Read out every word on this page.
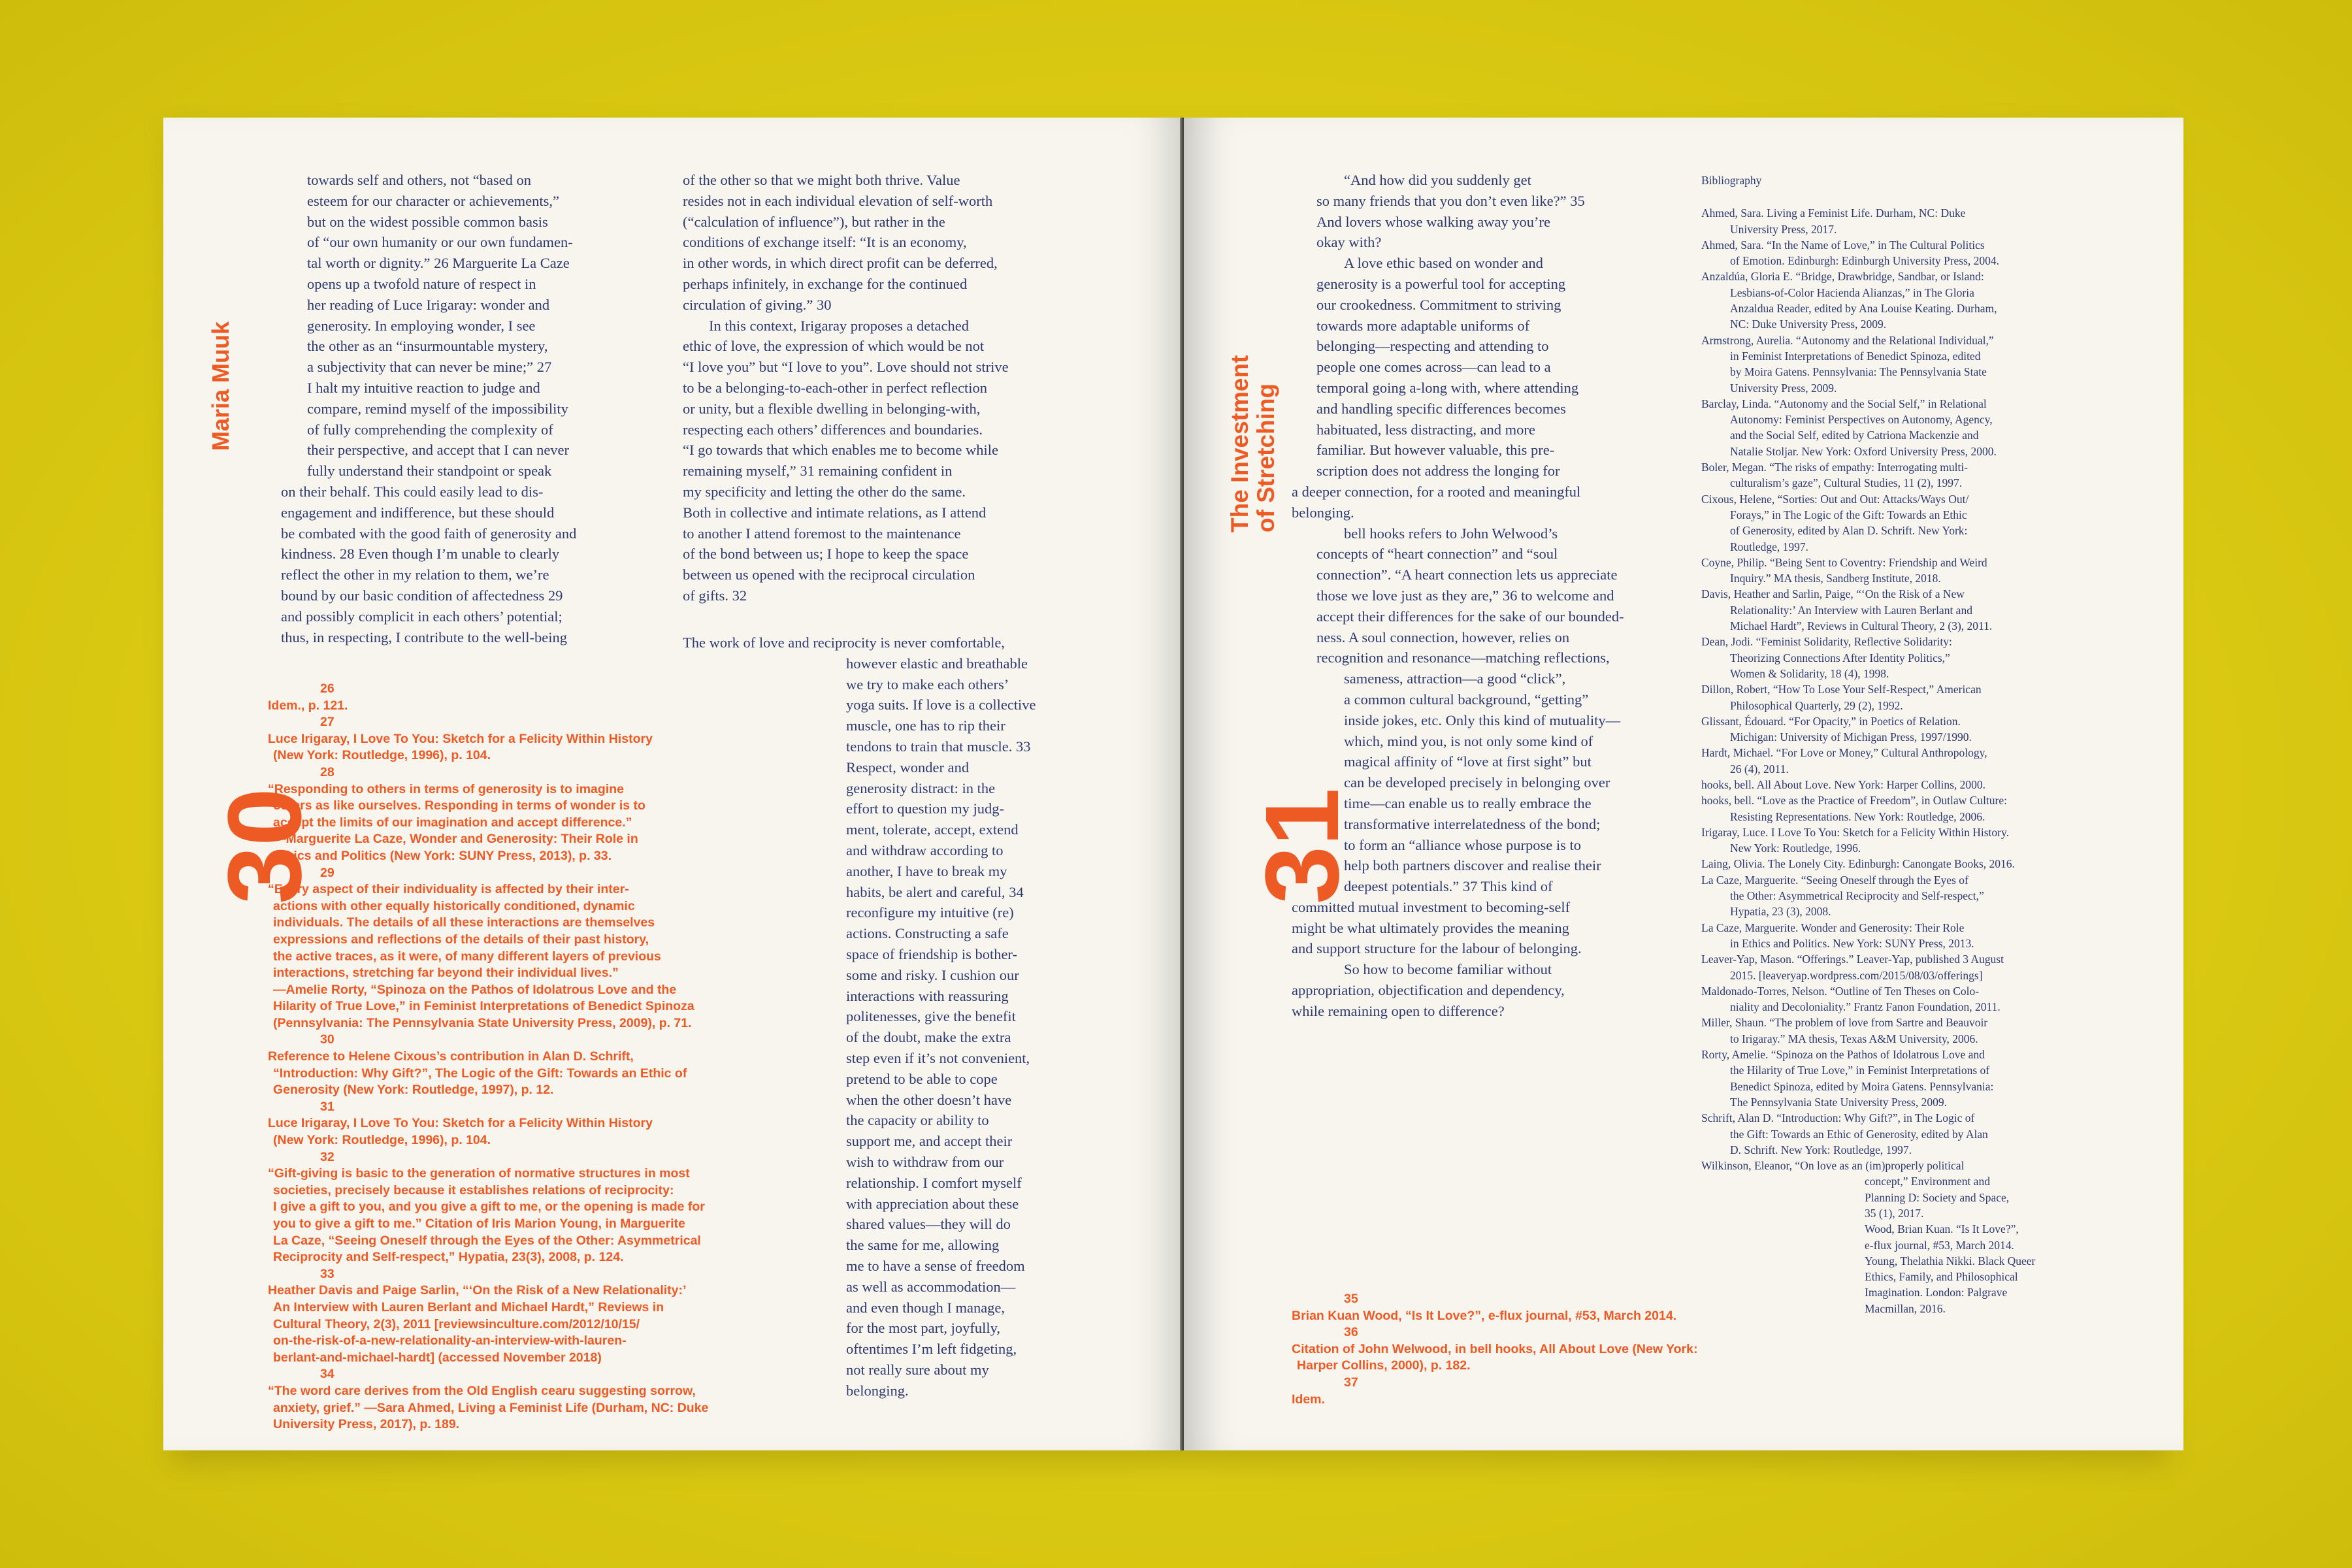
Maria Muuk

towards self and others, not “based on

esteem for our character or achievements,”

but on the widest possible common basis

of “our own humanity or our own fundamen-

tal worth or dignity.” 26 Marguerite La Caze

opens up a twofold nature of respect in

her reading of Luce Irigaray: wonder and

generosity. In employing wonder, I see

the other as an “insurmountable mystery,

a subjectivity that can never be mine;” 27

I halt my intuitive reaction to judge and

compare, remind myself of the impossibility

of fully comprehending the complexity of

their perspective, and accept that I can never

fully understand their standpoint or speak

on their behalf. This could easily lead to dis-

engagement and indifference, but these should

be combated with the good faith of generosity and

kindness. 28 Even though I’m unable to clearly

reflect the other in my relation to them, we’re

bound by our basic condition of affectedness 29

and possibly complicit in each others’ potential;

thus, in respecting, I contribute to the well-being

of the other so that we might both thrive. Value

resides not in each individual elevation of self-worth

(“calculation of influence”), but rather in the

conditions of exchange itself: “It is an economy,

in other words, in which direct profit can be deferred,

perhaps infinitely, in exchange for the continued

circulation of giving.” 30

In this context, Irigaray proposes a detached

ethic of love, the expression of which would be not

“I love you” but “I love to you”. Love should not strive

to be a belonging-to-each-other in perfect reflection

or unity, but a flexible dwelling in belonging-with,

respecting each others’ differences and boundaries.

“I go towards that which enables me to become while

remaining myself,” 31 remaining confident in

my specificity and letting the other do the same.

Both in collective and intimate relations, as I attend

to another I attend foremost to the maintenance

of the bond between us; I hope to keep the space

between us opened with the reciprocal circulation

of gifts. 32

The work of love and reciprocity is never comfortable,

however elastic and breathable

we try to make each others’

yoga suits. If love is a collective

muscle, one has to rip their

tendons to train that muscle. 33

Respect, wonder and

generosity distract: in the

effort to question my judg-

ment, tolerate, accept, extend

and withdraw according to

another, I have to break my

habits, be alert and careful, 34

reconfigure my intuitive (re)

actions. Constructing a safe

space of friendship is bother-

some and risky. I cushion our

interactions with reassuring

politenesses, give the benefit

of the doubt, make the extra

step even if it’s not convenient,

pretend to be able to cope

when the other doesn’t have

the capacity or ability to

support me, and accept their

wish to withdraw from our

relationship. I comfort myself

with appreciation about these

shared values—they will do

the same for me, allowing

me to have a sense of freedom

as well as accommodation—

and even though I manage,

for the most part, joyfully,

oftentimes I’m left fidgeting,

not really sure about my

belonging.

30
26
Idem., p. 121.
27
Luce Irigaray, I Love To You: Sketch for a Felicity Within History
(New York: Routledge, 1996), p. 104.
28
“Responding to others in terms of generosity is to imagine
others as like ourselves. Responding in terms of wonder is to
accept the limits of our imagination and accept difference.”
—Marguerite La Caze, Wonder and Generosity: Their Role in
Ethics and Politics (New York: SUNY Press, 2013), p. 33.
29
“Every aspect of their individuality is affected by their inter-
actions with other equally historically conditioned, dynamic
individuals. The details of all these interactions are themselves
expressions and reflections of the details of their past history,
the active traces, as it were, of many different layers of previous
interactions, stretching far beyond their individual lives.”
—Amelie Rorty, “Spinoza on the Pathos of Idolatrous Love and the
Hilarity of True Love,” in Feminist Interpretations of Benedict Spinoza
(Pennsylvania: The Pennsylvania State University Press, 2009), p. 71.
30
Reference to Helene Cixous’s contribution in Alan D. Schrift,
“Introduction: Why Gift?”, The Logic of the Gift: Towards an Ethic of
Generosity (New York: Routledge, 1997), p. 12.
31
Luce Irigaray, I Love To You: Sketch for a Felicity Within History
(New York: Routledge, 1996), p. 104.
32
“Gift-giving is basic to the generation of normative structures in most
societies, precisely because it establishes relations of reciprocity:
I give a gift to you, and you give a gift to me, or the opening is made for
you to give a gift to me.” Citation of Iris Marion Young, in Marguerite
La Caze, “Seeing Oneself through the Eyes of the Other: Asymmetrical
Reciprocity and Self-respect,” Hypatia, 23(3), 2008, p. 124.
33
Heather Davis and Paige Sarlin, “‘On the Risk of a New Relationality:’
An Interview with Lauren Berlant and Michael Hardt,” Reviews in
Cultural Theory, 2(3), 2011 [reviewsinculture.com/2012/10/15/
on-the-risk-of-a-new-relationality-an-interview-with-lauren-
berlant-and-michael-hardt] (accessed November 2018)
34
“The word care derives from the Old English cearu suggesting sorrow,
anxiety, grief.” —Sara Ahmed, Living a Feminist Life (Durham, NC: Duke
University Press, 2017), p. 189.
The Investment
of Stretching
31

“And how did you suddenly get

so many friends that you don’t even like?” 35

And lovers whose walking away you’re

okay with?

A love ethic based on wonder and

generosity is a powerful tool for accepting

our crookedness. Commitment to striving

towards more adaptable uniforms of

belonging—respecting and attending to

people one comes across—can lead to a

temporal going a-long with, where attending

and handling specific differences becomes

habituated, less distracting, and more

familiar. But however valuable, this pre-

scription does not address the longing for

a deeper connection, for a rooted and meaningful

belonging.

bell hooks refers to John Welwood’s

concepts of “heart connection” and “soul

connection”. “A heart connection lets us appreciate

those we love just as they are,” 36 to welcome and

accept their differences for the sake of our bounded-

ness. A soul connection, however, relies on

recognition and resonance—matching reflections,

sameness, attraction—a good “click”,

a common cultural background, “getting”

inside jokes, etc. Only this kind of mutuality—

which, mind you, is not only some kind of

magical affinity of “love at first sight” but

can be developed precisely in belonging over

time—can enable us to really embrace the

transformative interrelatedness of the bond;

to form an “alliance whose purpose is to

help both partners discover and realise their

deepest potentials.” 37 This kind of

committed mutual investment to becoming-self

might be what ultimately provides the meaning

and support structure for the labour of belonging.

So how to become familiar without

appropriation, objectification and dependency,

while remaining open to difference?

35
Brian Kuan Wood, “Is It Love?”, e-flux journal, #53, March 2014.
36
Citation of John Welwood, in bell hooks, All About Love (New York:
Harper Collins, 2000), p. 182.
37
Idem.
Bibliography
Ahmed, Sara. Living a Feminist Life. Durham, NC: Duke
University Press, 2017.
Ahmed, Sara. “In the Name of Love,” in The Cultural Politics
of Emotion. Edinburgh: Edinburgh University Press, 2004.
Anzaldúa, Gloria E. “Bridge, Drawbridge, Sandbar, or Island:
Lesbians-of-Color Hacienda Alianzas,” in The Gloria
Anzaldua Reader, edited by Ana Louise Keating. Durham,
NC: Duke University Press, 2009.
Armstrong, Aurelia. “Autonomy and the Relational Individual,”
in Feminist Interpretations of Benedict Spinoza, edited
by Moira Gatens. Pennsylvania: The Pennsylvania State
University Press, 2009.
Barclay, Linda. “Autonomy and the Social Self,” in Relational
Autonomy: Feminist Perspectives on Autonomy, Agency,
and the Social Self, edited by Catriona Mackenzie and
Natalie Stoljar. New York: Oxford University Press, 2000.
Boler, Megan. “The risks of empathy: Interrogating multi-
culturalism’s gaze”, Cultural Studies, 11 (2), 1997.
Cixous, Helene, “Sorties: Out and Out: Attacks/Ways Out/
Forays,” in The Logic of the Gift: Towards an Ethic
of Generosity, edited by Alan D. Schrift. New York:
Routledge, 1997.
Coyne, Philip. “Being Sent to Coventry: Friendship and Weird
Inquiry.” MA thesis, Sandberg Institute, 2018.
Davis, Heather and Sarlin, Paige, “‘On the Risk of a New
Relationality:’ An Interview with Lauren Berlant and
Michael Hardt”, Reviews in Cultural Theory, 2 (3), 2011.
Dean, Jodi. “Feminist Solidarity, Reflective Solidarity:
Theorizing Connections After Identity Politics,”
Women & Solidarity, 18 (4), 1998.
Dillon, Robert, “How To Lose Your Self-Respect,” American
Philosophical Quarterly, 29 (2), 1992.
Glissant, Édouard. “For Opacity,” in Poetics of Relation.
Michigan: University of Michigan Press, 1997/1990.
Hardt, Michael. “For Love or Money,” Cultural Anthropology,
26 (4), 2011.
hooks, bell. All About Love. New York: Harper Collins, 2000.
hooks, bell. “Love as the Practice of Freedom”, in Outlaw Culture:
Resisting Representations. New York: Routledge, 2006.
Irigaray, Luce. I Love To You: Sketch for a Felicity Within History.
New York: Routledge, 1996.
Laing, Olivia. The Lonely City. Edinburgh: Canongate Books, 2016.
La Caze, Marguerite. “Seeing Oneself through the Eyes of
the Other: Asymmetrical Reciprocity and Self-respect,”
Hypatia, 23 (3), 2008.
La Caze, Marguerite. Wonder and Generosity: Their Role
in Ethics and Politics. New York: SUNY Press, 2013.
Leaver-Yap, Mason. “Offerings.” Leaver-Yap, published 3 August
2015. [leaveryap.wordpress.com/2015/08/03/offerings]
Maldonado-Torres, Nelson. “Outline of Ten Theses on Colo-
niality and Decoloniality.” Frantz Fanon Foundation, 2011.
Miller, Shaun. “The problem of love from Sartre and Beauvoir
to Irigaray.” MA thesis, Texas A&M University, 2006.
Rorty, Amelie. “Spinoza on the Pathos of Idolatrous Love and
the Hilarity of True Love,” in Feminist Interpretations of
Benedict Spinoza, edited by Moira Gatens. Pennsylvania:
The Pennsylvania State University Press, 2009.
Schrift, Alan D. “Introduction: Why Gift?”, in The Logic of
the Gift: Towards an Ethic of Generosity, edited by Alan
D. Schrift. New York: Routledge, 1997.
Wilkinson, Eleanor, “On love as an (im)properly political
concept,” Environment and
Planning D: Society and Space,
35 (1), 2017.
Wood, Brian Kuan. “Is It Love?”,
e-flux journal, #53, March 2014.
Young, Thelathia Nikki. Black Queer
Ethics, Family, and Philosophical
Imagination. London: Palgrave
Macmillan, 2016.
